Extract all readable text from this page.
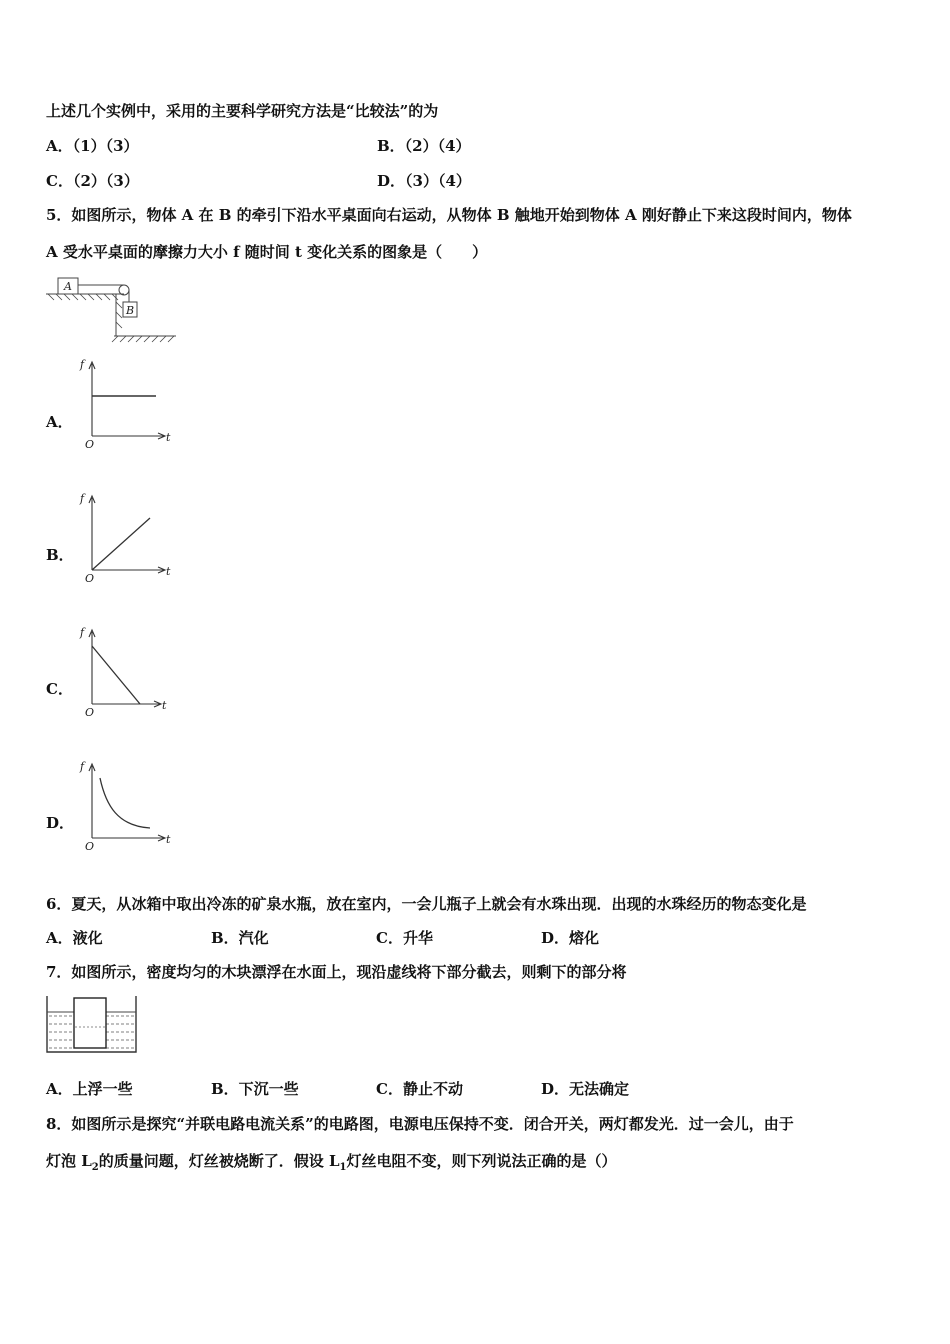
上述几个实例中，采用的主要科学研究方法是“比较法”的为
A．（1）（3）	B．（2）（4）
C．（2）（3）	D．（3）（4）
5．如图所示，物体 A 在 B 的牵引下沿水平桌面向右运动，从物体 B 触地开始到物体 A 刚好静止下来这段时间内，物体
A 受水平桌面的摩擦力大小 f 随时间 t 变化关系的图象是（　　）
A
B
A．
f
t
O
B．
f
t
O
C．
f
t
O
D．
f
t
O
6．夏天，从冰箱中取出冷冻的矿泉水瓶，放在室内，一会儿瓶子上就会有水珠出现．出现的水珠经历的物态变化是
A．液化	B．汽化	C．升华	D．熔化
7．如图所示，密度均匀的木块漂浮在水面上，现沿虚线将下部分截去，则剩下的部分将
A．上浮一些	B．下沉一些	C．静止不动	D．无法确定
8．如图所示是探究“并联电路电流关系”的电路图，电源电压保持不变．闭合开关，两灯都发光．过一会儿，由于
灯泡 $L_2$的质量问题，灯丝被烧断了．假设 $L_1$灯丝电阻不变，则下列说法正确的是（）
